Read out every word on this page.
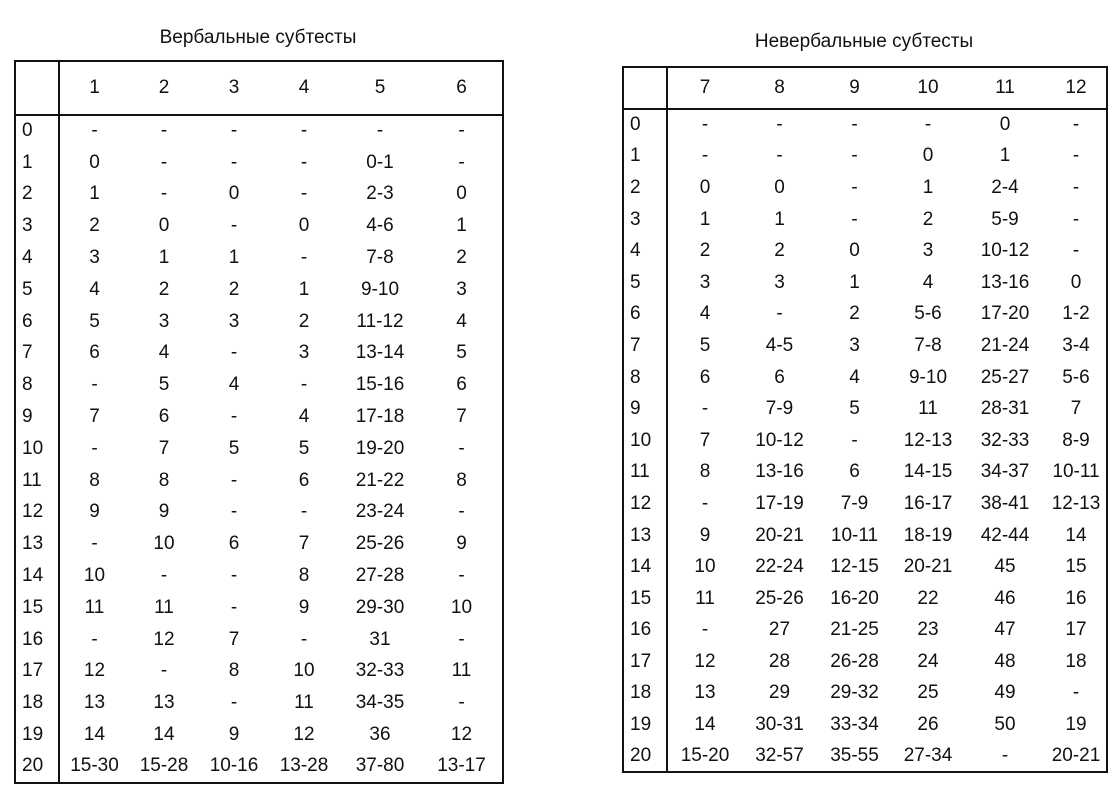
Вербальные субтесты
	1	2	3	4	5	6
0	-	-	-	-	-	-
1	0	-	-	-	0-1	-
2	1	-	0	-	2-3	0
3	2	0	-	0	4-6	1
4	3	1	1	-	7-8	2
5	4	2	2	1	9-10	3
6	5	3	3	2	11-12	4
7	6	4	-	3	13-14	5
8	-	5	4	-	15-16	6
9	7	6	-	4	17-18	7
10	-	7	5	5	19-20	-
11	8	8	-	6	21-22	8
12	9	9	-	-	23-24	-
13	-	10	6	7	25-26	9
14	10	-	-	8	27-28	-
15	11	11	-	9	29-30	10
16	-	12	7	-	31	-
17	12	-	8	10	32-33	11
18	13	13	-	11	34-35	-
19	14	14	9	12	36	12
20	15-30	15-28	10-16	13-28	37-80	13-17
Невербальные субтесты
	7	8	9	10	11	12
0	-	-	-	-	0	-
1	-	-	-	0	1	-
2	0	0	-	1	2-4	-
3	1	1	-	2	5-9	-
4	2	2	0	3	10-12	-
5	3	3	1	4	13-16	0
6	4	-	2	5-6	17-20	1-2
7	5	4-5	3	7-8	21-24	3-4
8	6	6	4	9-10	25-27	5-6
9	-	7-9	5	11	28-31	7
10	7	10-12	-	12-13	32-33	8-9
11	8	13-16	6	14-15	34-37	10-11
12	-	17-19	7-9	16-17	38-41	12-13
13	9	20-21	10-11	18-19	42-44	14
14	10	22-24	12-15	20-21	45	15
15	11	25-26	16-20	22	46	16
16	-	27	21-25	23	47	17
17	12	28	26-28	24	48	18
18	13	29	29-32	25	49	-
19	14	30-31	33-34	26	50	19
20	15-20	32-57	35-55	27-34	-	20-21
